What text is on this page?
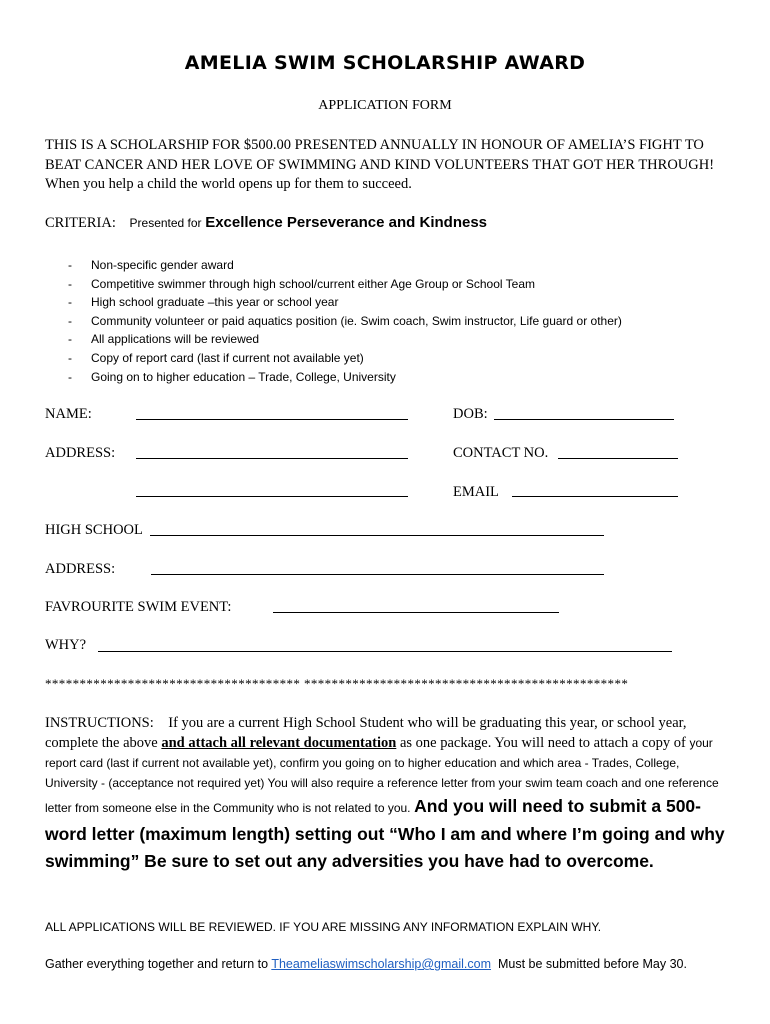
AMELIA SWIM SCHOLARSHIP AWARD
APPLICATION FORM
THIS IS A SCHOLARSHIP FOR $500.00 PRESENTED ANNUALLY IN HONOUR OF AMELIA’S FIGHT TO BEAT CANCER AND HER LOVE OF SWIMMING AND KIND VOLUNTEERS THAT GOT HER THROUGH! When you help a child the world opens up for them to succeed.
CRITERIA: Presented for Excellence Perseverance and Kindness
- Non-specific gender award
- Competitive swimmer through high school/current either Age Group or School Team
- High school graduate –this year or school year
- Community volunteer or paid aquatics position (ie. Swim coach, Swim instructor, Life guard or other)
- All applications will be reviewed
- Copy of report card (last if current not available yet)
- Going on to higher education – Trade, College, University
NAME:	DOB:
ADDRESS:	CONTACT NO.
EMAIL
HIGH SCHOOL
ADDRESS:
FAVROURITE SWIM EVENT:
WHY?
************************************* ***********************************************
INSTRUCTIONS: If you are a current High School Student who will be graduating this year, or school year, complete the above and attach all relevant documentation as one package. You will need to attach a copy of your report card (last if current not available yet), confirm you going on to higher education and which area - Trades, College, University - (acceptance not required yet) You will also require a reference letter from your swim team coach and one reference letter from someone else in the Community who is not related to you. And you will need to submit a 500-word letter (maximum length) setting out “Who I am and where I’m going and why swimming” Be sure to set out any adversities you have had to overcome.
ALL APPLICATIONS WILL BE REVIEWED. IF YOU ARE MISSING ANY INFORMATION EXPLAIN WHY.
Gather everything together and return to Theameliaswimscholarship@gmail.com Must be submitted before May 30.
